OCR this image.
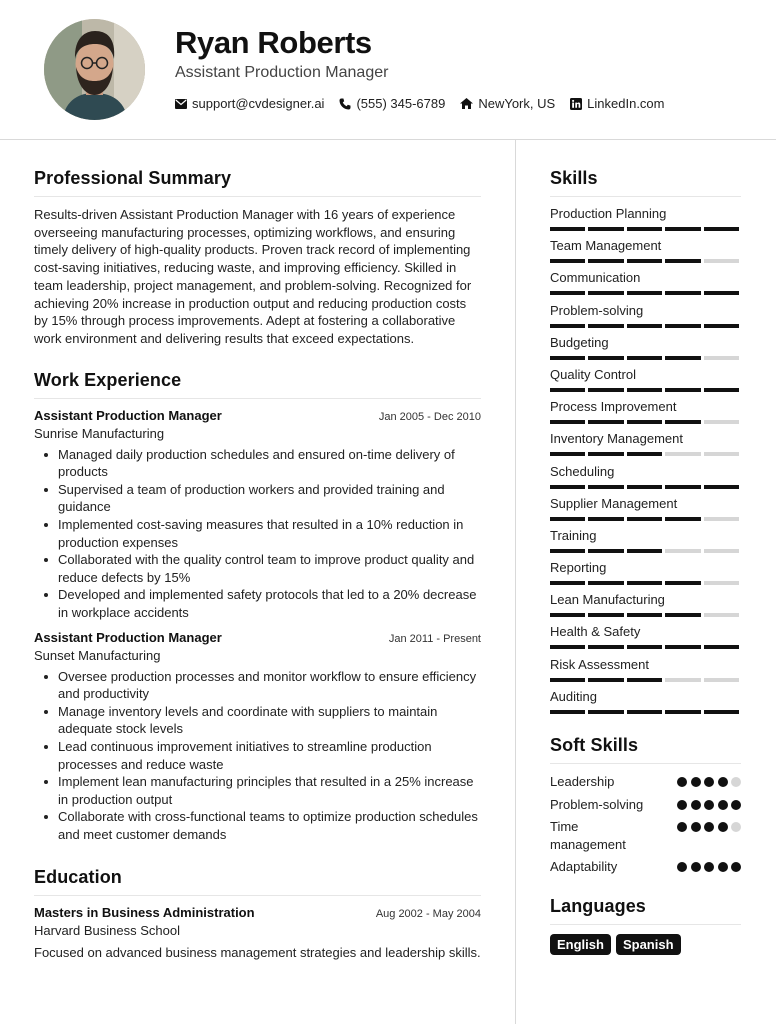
Ryan Roberts
Assistant Production Manager
support@cvdesigner.ai (555) 345-6789	NewYork, US LinkedIn.com
Professional Summary

Results-driven Assistant Production Manager with 16 years of experience overseeing manufacturing processes, optimizing workflows, and ensuring timely delivery of high-quality products. Proven track record of implementing cost-saving initiatives, reducing waste, and improving efficiency. Skilled in team leadership, project management, and problem-solving. Recognized for achieving 20% increase in production output and reducing production costs by 15% through process improvements. Adept at fostering a collaborative work environment and delivering results that exceed expectations.

Work Experience
Assistant Production Manager	Jan 2005 - Dec 2010
Sunrise Manufacturing
Managed daily production schedules and ensured on-time delivery of products
Supervised a team of production workers and provided training and guidance
Implemented cost-saving measures that resulted in a 10% reduction in production expenses
Collaborated with the quality control team to improve product quality and reduce defects by 15%
Developed and implemented safety protocols that led to a 20% decrease in workplace accidents
Assistant Production Manager	Jan 2011 - Present
Sunset Manufacturing
Oversee production processes and monitor workflow to ensure efficiency and productivity
Manage inventory levels and coordinate with suppliers to maintain adequate stock levels
Lead continuous improvement initiatives to streamline production processes and reduce waste
Implement lean manufacturing principles that resulted in a 25% increase in production output
Collaborate with cross-functional teams to optimize production schedules and meet customer demands
Education
Masters in Business Administration	Aug 2002 - May 2004
Harvard Business School

Focused on advanced business management strategies and leadership skills.

Skills
Production Planning
Team Management
Communication
Problem-solving
Budgeting
Quality Control
Process Improvement
Inventory Management
Scheduling
Supplier Management
Training
Reporting
Lean Manufacturing
Health & Safety
Risk Assessment
Auditing
Soft Skills
Leadership
Problem-solving
Time management
Adaptability
Languages
English	Spanish
